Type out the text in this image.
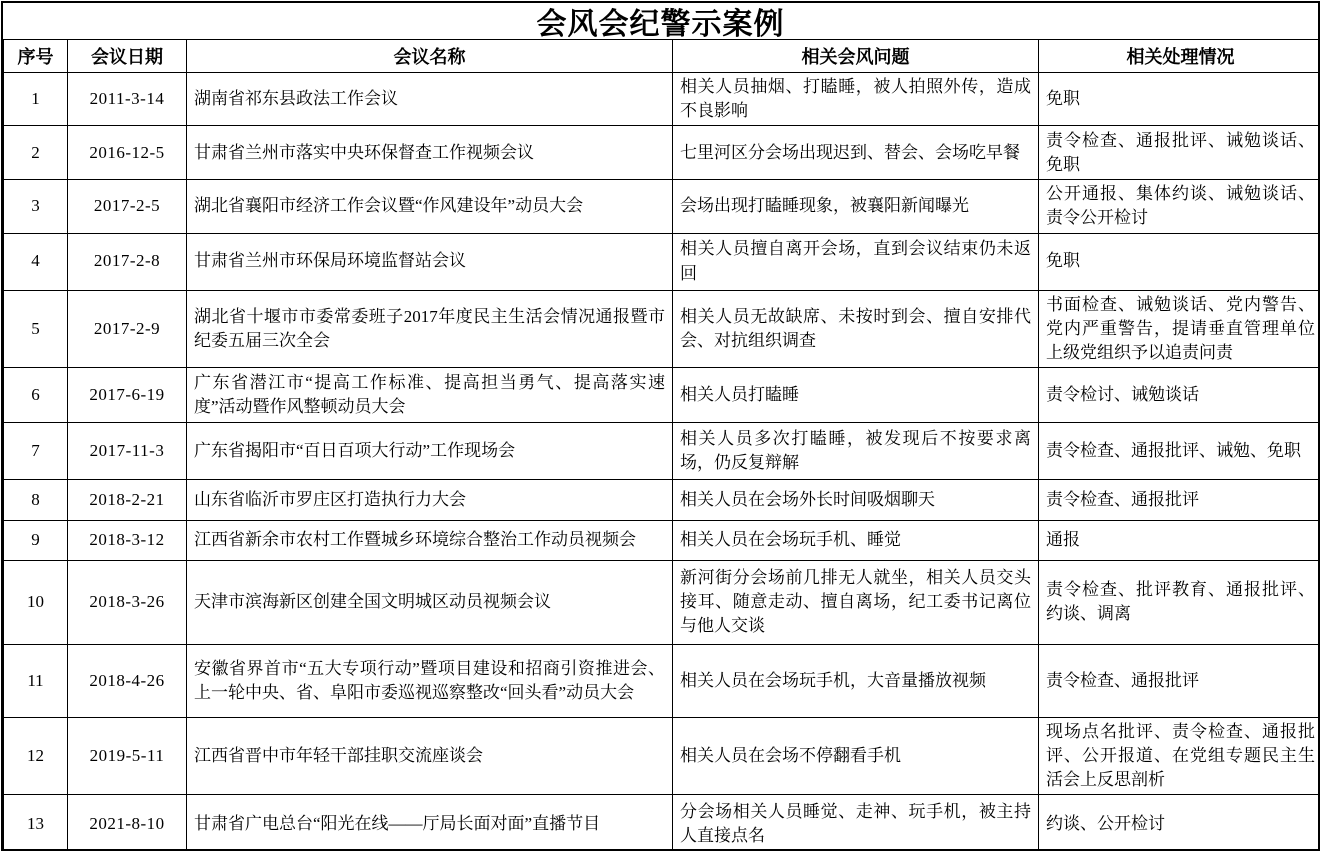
会风会纪警示案例
序号	会议日期	会议名称	相关会风问题	相关处理情况
1	2011-3-14	湖南省祁东县政法工作会议	相关人员抽烟、打瞌睡，被人拍照外传，造成不良影响	免职
2	2016-12-5	甘肃省兰州市落实中央环保督查工作视频会议	七里河区分会场出现迟到、替会、会场吃早餐	责令检查、通报批评、诫勉谈话、免职
3	2017-2-5	湖北省襄阳市经济工作会议暨“作风建设年”动员大会	会场出现打瞌睡现象，被襄阳新闻曝光	公开通报、集体约谈、诫勉谈话、责令公开检讨
4	2017-2-8	甘肃省兰州市环保局环境监督站会议	相关人员擅自离开会场，直到会议结束仍未返回	免职
5	2017-2-9	湖北省十堰市市委常委班子2017年度民主生活会情况通报暨市纪委五届三次全会	相关人员无故缺席、未按时到会、擅自安排代会、对抗组织调查	书面检查、诫勉谈话、党内警告、党内严重警告，提请垂直管理单位上级党组织予以追责问责
6	2017-6-19	广东省潜江市“提高工作标准、提高担当勇气、提高落实速度”活动暨作风整顿动员大会	相关人员打瞌睡	责令检讨、诫勉谈话
7	2017-11-3	广东省揭阳市“百日百项大行动”工作现场会	相关人员多次打瞌睡，被发现后不按要求离场，仍反复辩解	责令检查、通报批评、诫勉、免职
8	2018-2-21	山东省临沂市罗庄区打造执行力大会	相关人员在会场外长时间吸烟聊天	责令检查、通报批评
9	2018-3-12	江西省新余市农村工作暨城乡环境综合整治工作动员视频会	相关人员在会场玩手机、睡觉	通报
10	2018-3-26	天津市滨海新区创建全国文明城区动员视频会议	新河街分会场前几排无人就坐，相关人员交头接耳、随意走动、擅自离场，纪工委书记离位与他人交谈	责令检查、批评教育、通报批评、约谈、调离
11	2018-4-26	安徽省界首市“五大专项行动”暨项目建设和招商引资推进会、上一轮中央、省、阜阳市委巡视巡察整改“回头看”动员大会	相关人员在会场玩手机，大音量播放视频	责令检查、通报批评
12	2019-5-11	江西省晋中市年轻干部挂职交流座谈会	相关人员在会场不停翻看手机	现场点名批评、责令检查、通报批评、公开报道、在党组专题民主生活会上反思剖析
13	2021-8-10	甘肃省广电总台“阳光在线——厅局长面对面”直播节目	分会场相关人员睡觉、走神、玩手机，被主持人直接点名	约谈、公开检讨
